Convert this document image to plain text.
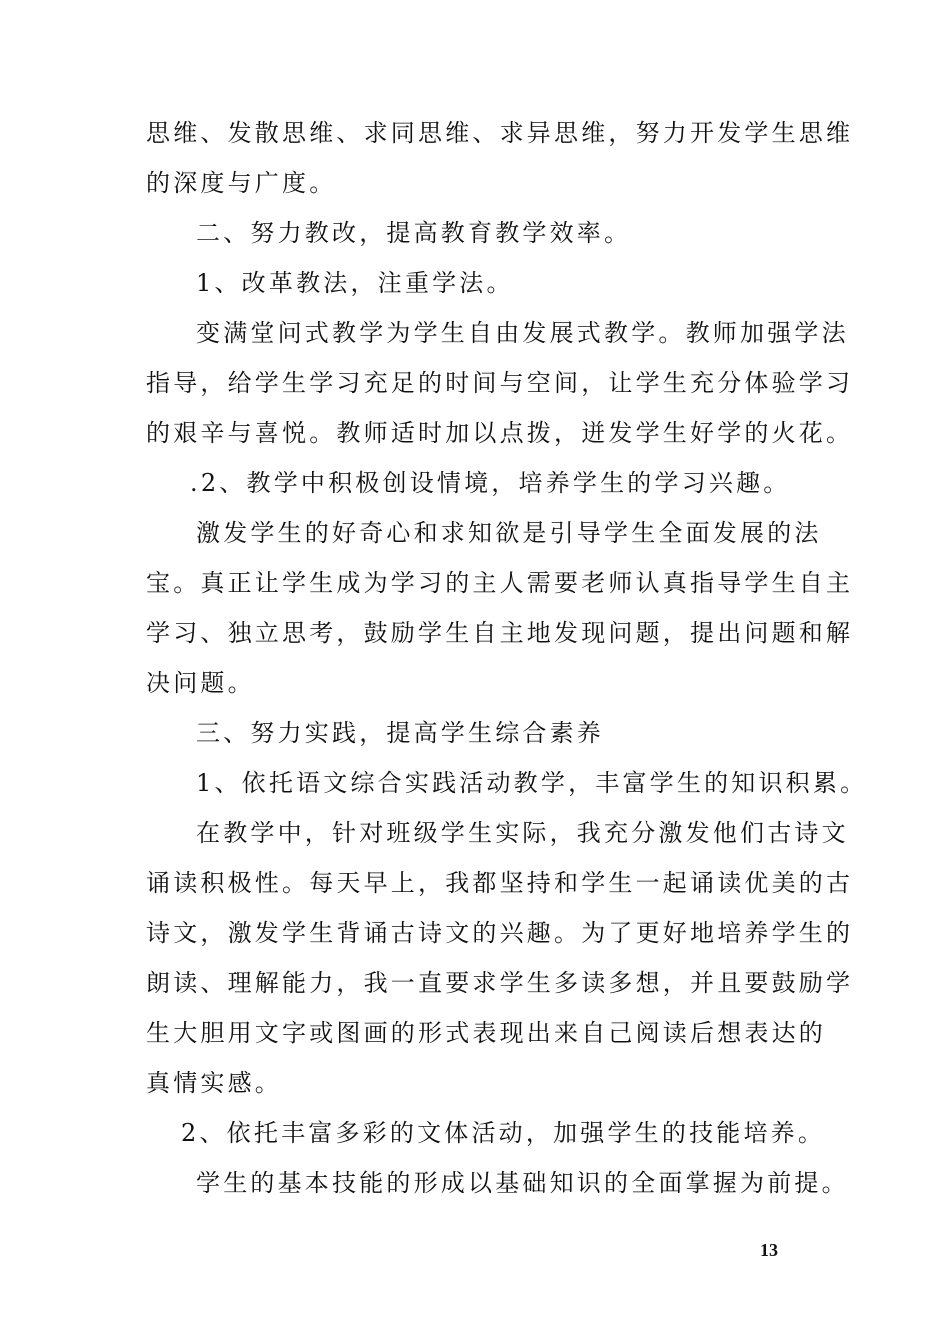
思维、发散思维、求同思维、求异思维，努力开发学生思维
的深度与广度。
二、努力教改，提高教育教学效率。
1、改革教法，注重学法。
变满堂问式教学为学生自由发展式教学。教师加强学法
指导，给学生学习充足的时间与空间，让学生充分体验学习
的艰辛与喜悦。教师适时加以点拨，迸发学生好学的火花。
.2、教学中积极创设情境，培养学生的学习兴趣。
激发学生的好奇心和求知欲是引导学生全面发展的法
宝。真正让学生成为学习的主人需要老师认真指导学生自主
学习、独立思考，鼓励学生自主地发现问题，提出问题和解
决问题。
三、努力实践，提高学生综合素养
1、依托语文综合实践活动教学，丰富学生的知识积累。
在教学中，针对班级学生实际，我充分激发他们古诗文
诵读积极性。每天早上，我都坚持和学生一起诵读优美的古
诗文，激发学生背诵古诗文的兴趣。为了更好地培养学生的
朗读、理解能力，我一直要求学生多读多想，并且要鼓励学
生大胆用文字或图画的形式表现出来自己阅读后想表达的
真情实感。
2、依托丰富多彩的文体活动，加强学生的技能培养。
学生的基本技能的形成以基础知识的全面掌握为前提。
13
